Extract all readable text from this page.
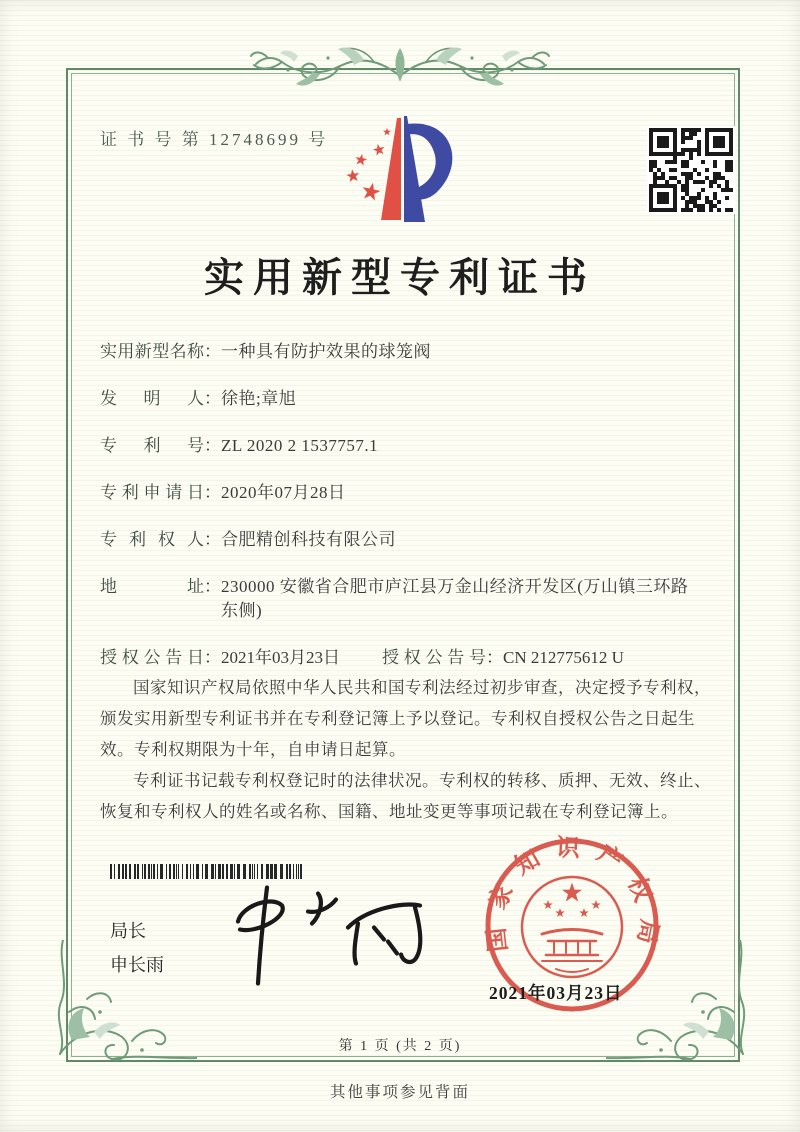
证 书 号 第 12748699 号
实用新型专利证书
实用新型名称 ： 一种具有防护效果的球笼阀
发明人 ： 徐艳;章旭
专利号 ： ZL 2020 2 1537757.1
专利申请日 ： 2020年07月28日
专利权人 ： 合肥精创科技有限公司
地址 ： 230000 安徽省合肥市庐江县万金山经济开发区(万山镇三环路东侧)
授权公告日 ： 2021年03月23日 授权公告号 ： CN 212775612 U

国家知识产权局依照中华人民共和国专利法经过初步审查，决定授予专利权，颁发实用新型专利证书并在专利登记簿上予以登记。专利权自授权公告之日起生效。专利权期限为十年，自申请日起算。

专利证书记载专利权登记时的法律状况。专利权的转移、质押、无效、终止、恢复和专利权人的姓名或名称、国籍、地址变更等事项记载在专利登记簿上。

局长
申长雨
国家知识产权局
2021年03月23日
第 1 页 (共 2 页)
其他事项参见背面
